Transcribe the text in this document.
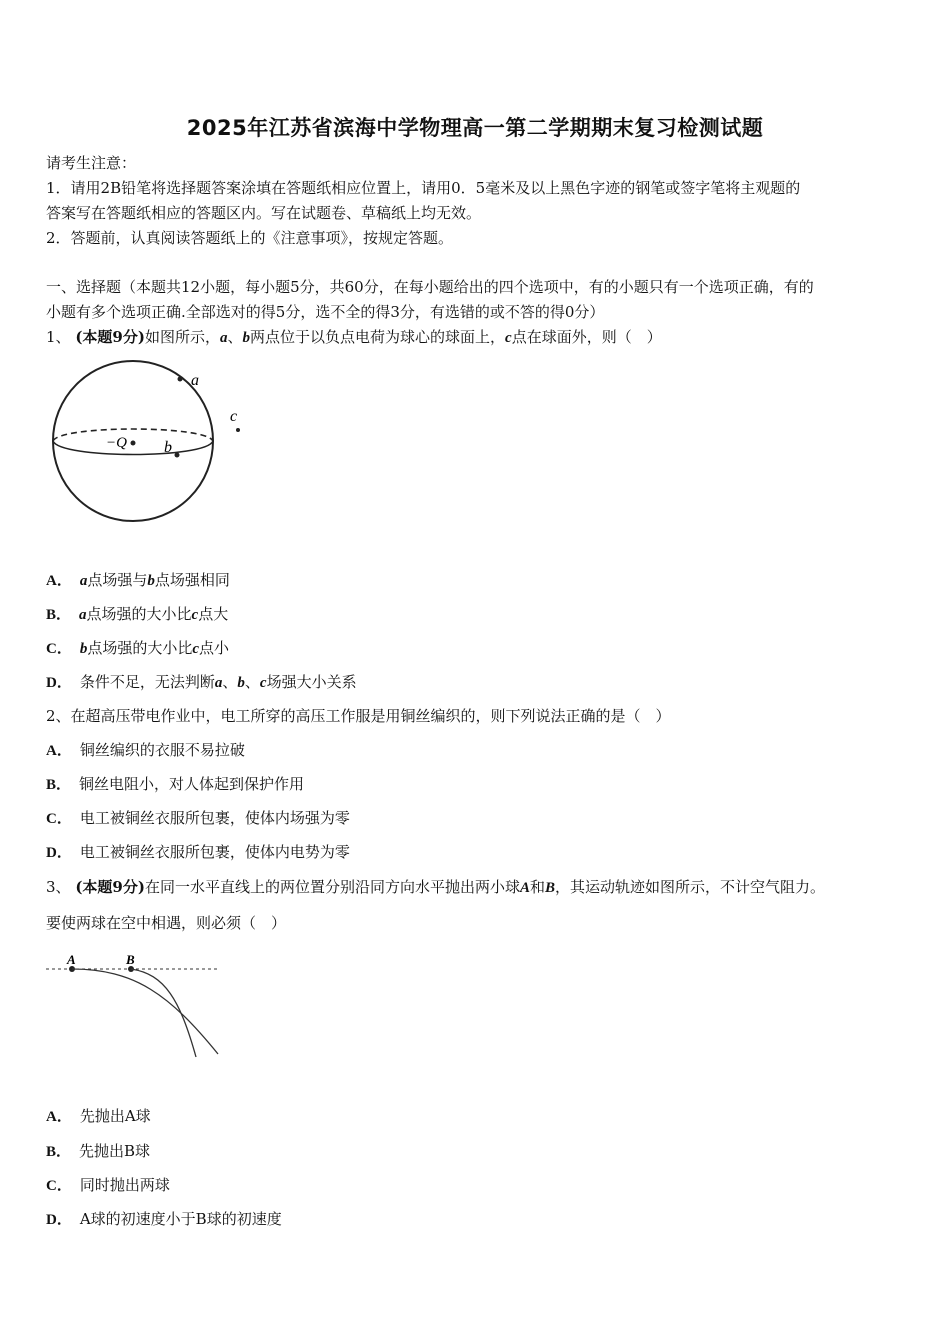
2025年江苏省滨海中学物理高一第二学期期末复习检测试题
请考生注意：
1．请用2B铅笔将选择题答案涂填在答题纸相应位置上，请用0．5毫米及以上黑色字迹的钢笔或签字笔将主观题的
答案写在答题纸相应的答题区内。写在试题卷、草稿纸上均无效。
2．答题前，认真阅读答题纸上的《注意事项》，按规定答题。
一、选择题（本题共12小题，每小题5分，共60分，在每小题给出的四个选项中，有的小题只有一个选项正确，有的
小题有多个选项正确.全部选对的得5分，选不全的得3分，有选错的或不答的得0分）
1、 (本题9分)如图所示，a、b两点位于以负点电荷为球心的球面上，c点在球面外，则（　）
a
−Q b
c
A． a点场强与b点场强相同
B． a点场强的大小比c点大
C． b点场强的大小比c点小
D． 条件不足，无法判断a、b、c场强大小关系
2、在超高压带电作业中，电工所穿的高压工作服是用铜丝编织的，则下列说法正确的是（　）
A． 铜丝编织的衣服不易拉破
B． 铜丝电阻小，对人体起到保护作用
C． 电工被铜丝衣服所包裹，使体内场强为零
D． 电工被铜丝衣服所包裹，使体内电势为零
3、 (本题9分)在同一水平直线上的两位置分别沿同方向水平抛出两小球A和B，其运动轨迹如图所示，不计空气阻力。
要使两球在空中相遇，则必须（　）
A	B
A． 先抛出A球
B． 先抛出B球
C． 同时抛出两球
D． A球的初速度小于B球的初速度
